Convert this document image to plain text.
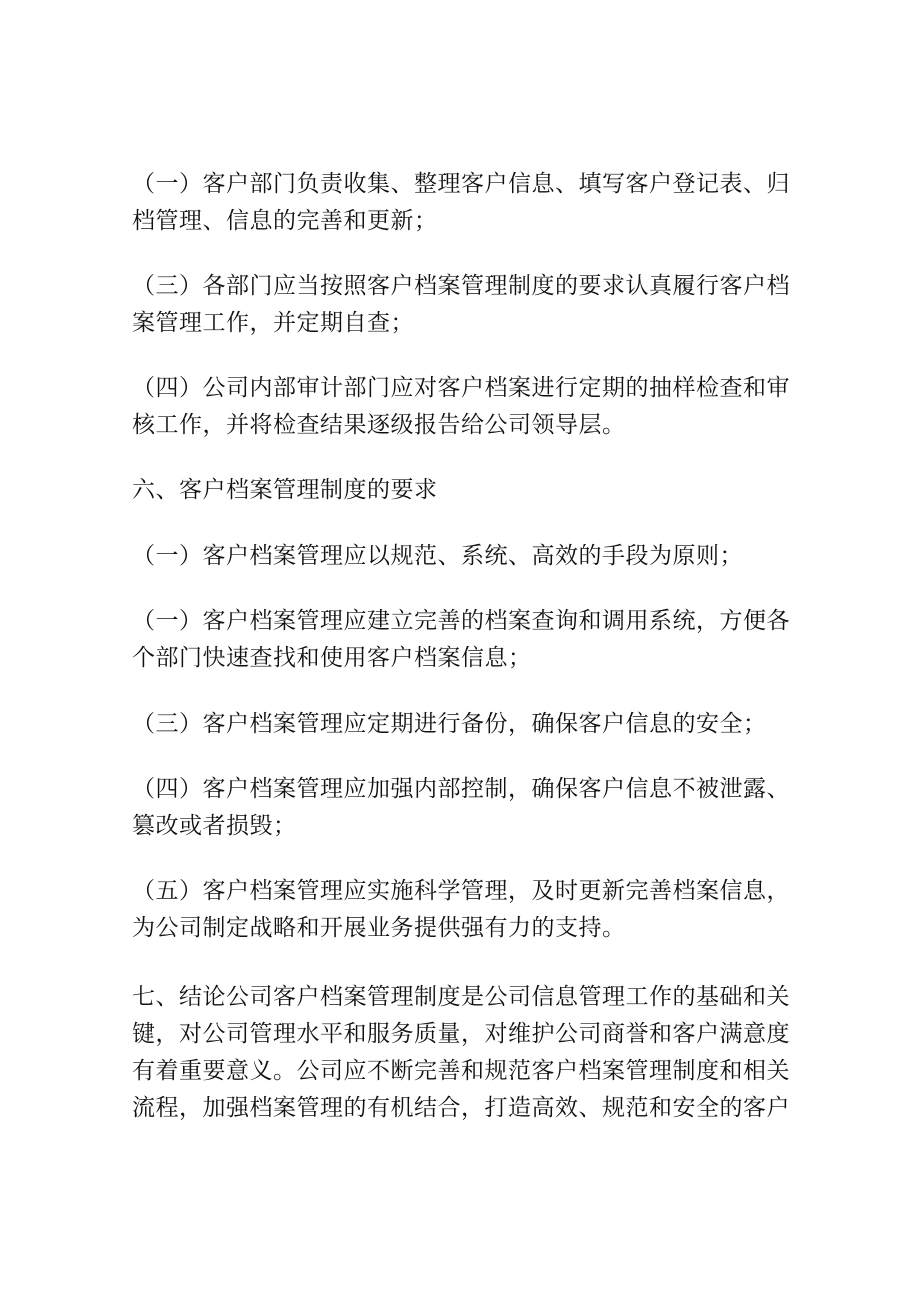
（一）客户部门负责收集、整理客户信息、填写客户登记表、归
档管理、信息的完善和更新；

（三）各部门应当按照客户档案管理制度的要求认真履行客户档
案管理工作，并定期自查；

（四）公司内部审计部门应对客户档案进行定期的抽样检查和审
核工作，并将检查结果逐级报告给公司领导层。

六、客户档案管理制度的要求

（一）客户档案管理应以规范、系统、高效的手段为原则；

（一）客户档案管理应建立完善的档案查询和调用系统，方便各
个部门快速查找和使用客户档案信息；

（三）客户档案管理应定期进行备份，确保客户信息的安全；

（四）客户档案管理应加强内部控制，确保客户信息不被泄露、
篡改或者损毁；

（五）客户档案管理应实施科学管理，及时更新完善档案信息，
为公司制定战略和开展业务提供强有力的支持。

七、结论公司客户档案管理制度是公司信息管理工作的基础和关
键，对公司管理水平和服务质量，对维护公司商誉和客户满意度
有着重要意义。公司应不断完善和规范客户档案管理制度和相关
流程，加强档案管理的有机结合，打造高效、规范和安全的客户
